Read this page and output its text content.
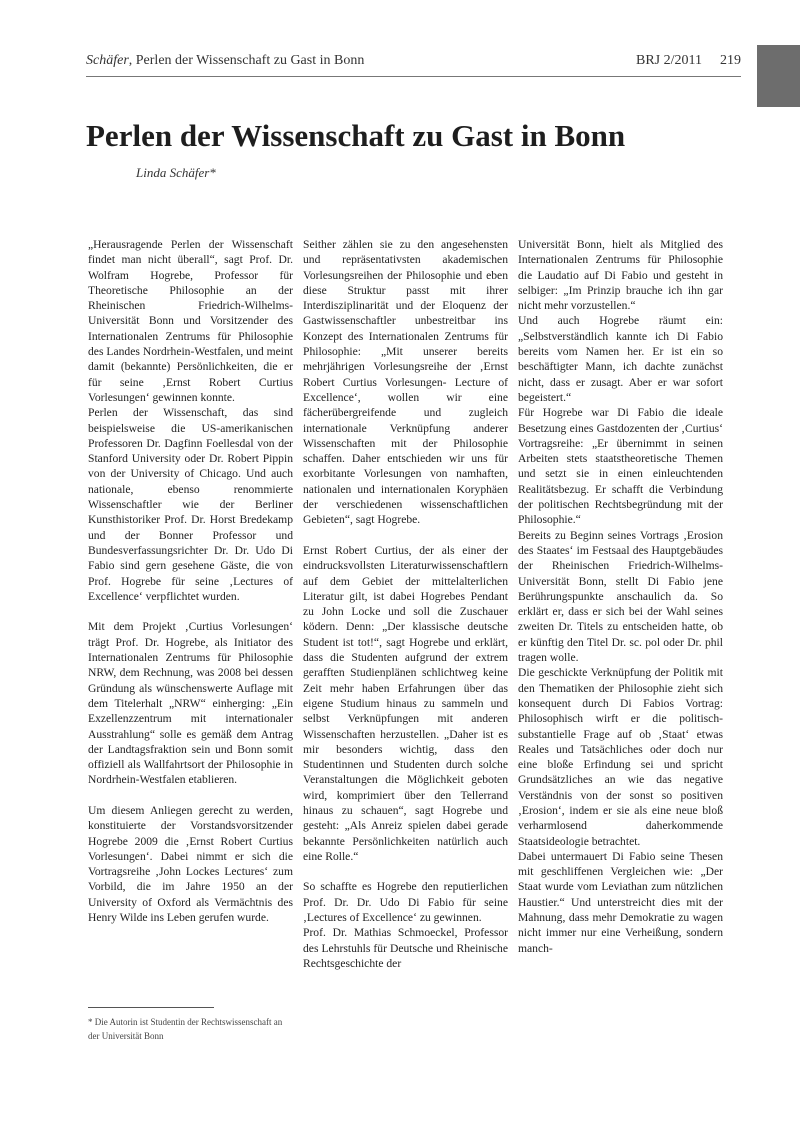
Schäfer, Perlen der Wissenschaft zu Gast in Bonn	BRJ 2/2011 219
Perlen der Wissenschaft zu Gast in Bonn
Linda Schäfer*

„Herausragende Perlen der Wissenschaft findet man nicht überall“, sagt Prof. Dr. Wolfram Hogrebe, Professor für Theoretische Philosophie an der Rheinischen Friedrich-Wilhelms-Universität Bonn und Vorsitzender des Internationalen Zentrums für Philosophie des Landes Nordrhein-Westfalen, und meint damit (bekannte) Persönlichkeiten, die er für seine ‚Ernst Robert Curtius Vorlesungen‘ gewinnen konnte.

Perlen der Wissenschaft, das sind beispielsweise die US-amerikanischen Professoren Dr. Dagfinn Foellesdal von der Stanford University oder Dr. Robert Pippin von der University of Chicago. Und auch nationale, ebenso renommierte Wissenschaftler wie der Berliner Kunsthistoriker Prof. Dr. Horst Bredekamp und der Bonner Professor und Bundesverfassungsrichter Dr. Dr. Udo Di Fabio sind gern gesehene Gäste, die von Prof. Hogrebe für seine ‚Lectures of Excellence‘ verpflichtet wurden.

Mit dem Projekt ‚Curtius Vorlesungen‘ trägt Prof. Dr. Hogrebe, als Initiator des Internationalen Zentrums für Philosophie NRW, dem Rechnung, was 2008 bei dessen Gründung als wünschenswerte Auflage mit dem Titelerhalt „NRW“ einherging: „Ein Exzellenzzentrum mit internationaler Ausstrahlung“ solle es gemäß dem Antrag der Landtagsfraktion sein und Bonn somit offiziell als Wallfahrtsort der Philosophie in Nordrhein-Westfalen etablieren.

Um diesem Anliegen gerecht zu werden, konstituierte der Vorstandsvorsitzender Hogrebe 2009 die ‚Ernst Robert Curtius Vorlesungen‘. Dabei nimmt er sich die Vortragsreihe ‚John Lockes Lectures‘ zum Vorbild, die im Jahre 1950 an der University of Oxford als Vermächtnis des Henry Wilde ins Leben gerufen wurde.

Seither zählen sie zu den angesehensten und repräsentativsten akademischen Vorlesungsreihen der Philosophie und eben diese Struktur passt mit ihrer Interdisziplinarität und der Eloquenz der Gastwissenschaftler unbestreitbar ins Konzept des Internationalen Zentrums für Philosophie: „Mit unserer bereits mehrjährigen Vorlesungsreihe der ‚Ernst Robert Curtius Vorlesungen- Lecture of Excellence‘, wollen wir eine fächerübergreifende und zugleich internationale Verknüpfung anderer Wissenschaften mit der Philosophie schaffen. Daher entschieden wir uns für exorbitante Vorlesungen von namhaften, nationalen und internationalen Koryphäen der verschiedenen wissenschaftlichen Gebieten“, sagt Hogrebe.

Ernst Robert Curtius, der als einer der eindrucksvollsten Literaturwissenschaftlern auf dem Gebiet der mittelalterlichen Literatur gilt, ist dabei Hogrebes Pendant zu John Locke und soll die Zuschauer ködern. Denn: „Der klassische deutsche Student ist tot!“, sagt Hogrebe und erklärt, dass die Studenten aufgrund der extrem gerafften Studienplänen schlichtweg keine Zeit mehr haben Erfahrungen über das eigene Studium hinaus zu sammeln und selbst Verknüpfungen mit anderen Wissenschaften herzustellen. „Daher ist es mir besonders wichtig, dass den Studentinnen und Studenten durch solche Veranstaltungen die Möglichkeit geboten wird, komprimiert über den Tellerrand hinaus zu schauen“, sagt Hogrebe und gesteht: „Als Anreiz spielen dabei gerade bekannte Persönlichkeiten natürlich auch eine Rolle.“

So schaffte es Hogrebe den reputierlichen Prof. Dr. Dr. Udo Di Fabio für seine ‚Lectures of Excellence‘ zu gewinnen.

Prof. Dr. Mathias Schmoeckel, Professor des Lehrstuhls für Deutsche und Rheinische Rechtsgeschichte der

Universität Bonn, hielt als Mitglied des Internationalen Zentrums für Philosophie die Laudatio auf Di Fabio und gesteht in selbiger: „Im Prinzip brauche ich ihn gar nicht mehr vorzustellen.“

Und auch Hogrebe räumt ein: „Selbstverständlich kannte ich Di Fabio bereits vom Namen her. Er ist ein so beschäftigter Mann, ich dachte zunächst nicht, dass er zusagt. Aber er war sofort begeistert.“

Für Hogrebe war Di Fabio die ideale Besetzung eines Gastdozenten der ‚Curtius‘ Vortragsreihe: „Er übernimmt in seinen Arbeiten stets staatstheoretische Themen und setzt sie in einen einleuchtenden Realitätsbezug. Er schafft die Verbindung der politischen Rechtsbegründung mit der Philosophie.“

Bereits zu Beginn seines Vortrags ‚Erosion des Staates‘ im Festsaal des Hauptgebäudes der Rheinischen Friedrich-Wilhelms-Universität Bonn, stellt Di Fabio jene Berührungspunkte anschaulich da. So erklärt er, dass er sich bei der Wahl seines zweiten Dr. Titels zu entscheiden hatte, ob er künftig den Titel Dr. sc. pol oder Dr. phil tragen wolle.

Die geschickte Verknüpfung der Politik mit den Thematiken der Philosophie zieht sich konsequent durch Di Fabios Vortrag: Philosophisch wirft er die politisch- substantielle Frage auf ob ‚Staat‘ etwas Reales und Tatsächliches oder doch nur eine bloße Erfindung sei und spricht Grundsätzliches an wie das negative Verständnis von der sonst so positiven ‚Erosion‘, indem er sie als eine neue bloß verharmlosend daherkommende Staatsideologie betrachtet.

Dabei untermauert Di Fabio seine Thesen mit geschliffenen Vergleichen wie: „Der Staat wurde vom Leviathan zum nützlichen Haustier.“ Und unterstreicht dies mit der Mahnung, dass mehr Demokratie zu wagen nicht immer nur eine Verheißung, sondern manch-

* Die Autorin ist Studentin der Rechtswissenschaft an der Universität Bonn
